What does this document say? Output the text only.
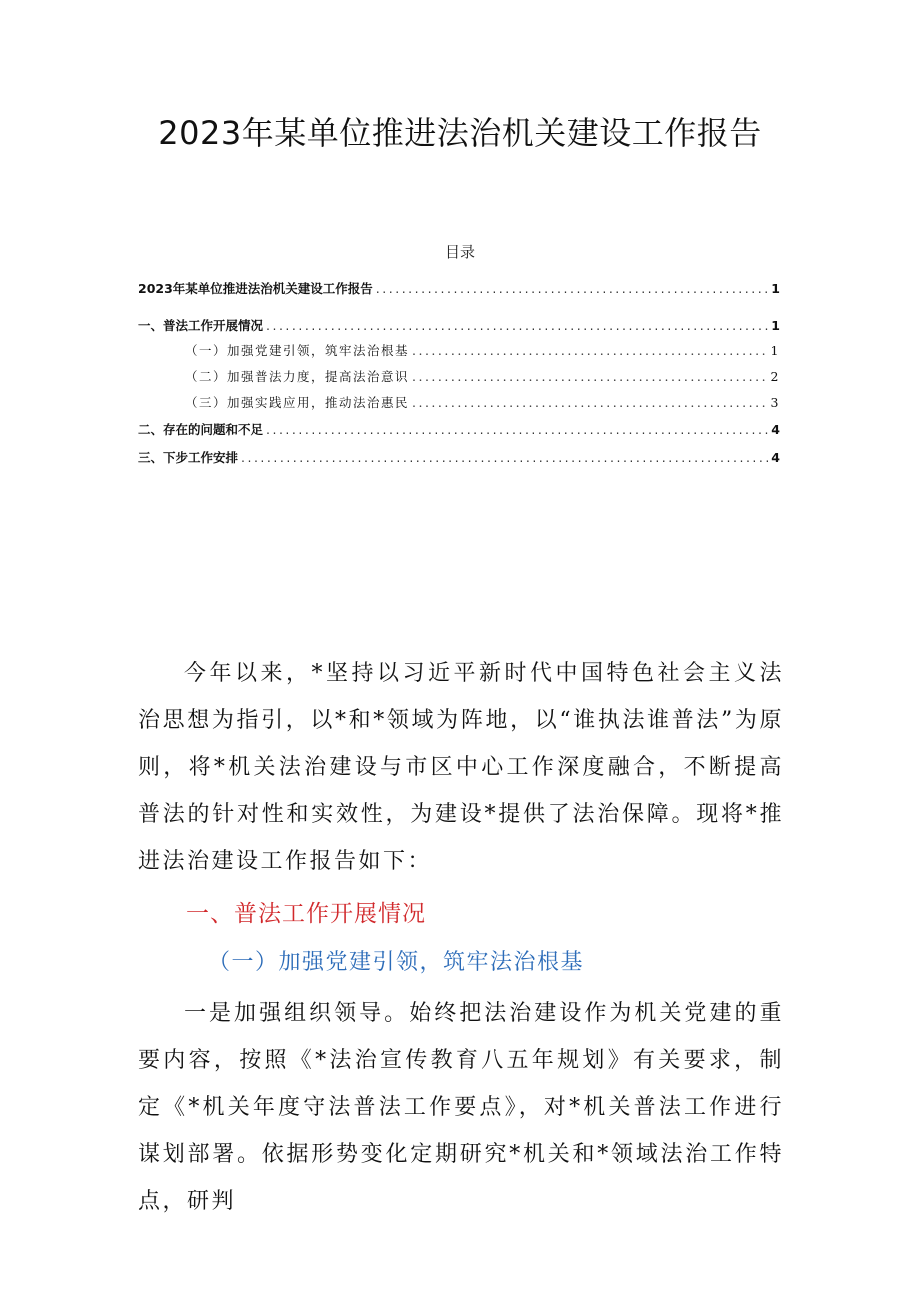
2023年某单位推进法治机关建设工作报告
目录
2023年某单位推进法治机关建设工作报告 .....	1
一、普法工作开展情况 .....	1
（一）加强党建引领，筑牢法治根基 .....	1
（二）加强普法力度，提高法治意识 .....	2
（三）加强实践应用，推动法治惠民 .....	3
二、存在的问题和不足 .....	4
三、下步工作安排 .....	4

今年以来，*坚持以习近平新时代中国特色社会主义法治思想为指引，以*和*领域为阵地，以“谁执法谁普法”为原则，将*机关法治建设与市区中心工作深度融合，不断提高普法的针对性和实效性，为建设*提供了法治保障。现将*推进法治建设工作报告如下：

一、普法工作开展情况
（一）加强党建引领，筑牢法治根基

一是加强组织领导。始终把法治建设作为机关党建的重要内容，按照《*法治宣传教育八五年规划》有关要求，制定《*机关年度守法普法工作要点》，对*机关普法工作进行谋划部署。依据形势变化定期研究*机关和*领域法治工作特点，研判
